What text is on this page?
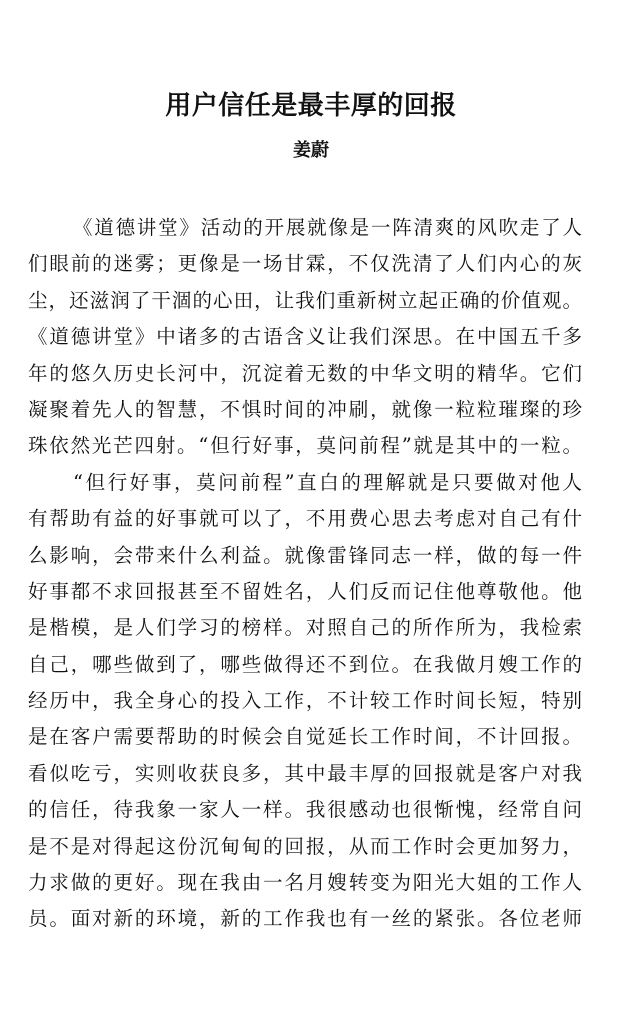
用户信任是最丰厚的回报
姜蔚
《道德讲堂》活动的开展就像是一阵清爽的风吹走了人
们眼前的迷雾；更像是一场甘霖，不仅洗清了人们内心的灰
尘，还滋润了干涸的心田，让我们重新树立起正确的价值观。
《道德讲堂》中诸多的古语含义让我们深思。在中国五千多
年的悠久历史长河中，沉淀着无数的中华文明的精华。它们
凝聚着先人的智慧，不惧时间的冲刷，就像一粒粒璀璨的珍
珠依然光芒四射。“但行好事，莫问前程”就是其中的一粒。
“但行好事，莫问前程”直白的理解就是只要做对他人
有帮助有益的好事就可以了，不用费心思去考虑对自己有什
么影响，会带来什么利益。就像雷锋同志一样，做的每一件
好事都不求回报甚至不留姓名，人们反而记住他尊敬他。他
是楷模，是人们学习的榜样。对照自己的所作所为，我检索
自己，哪些做到了，哪些做得还不到位。在我做月嫂工作的
经历中，我全身心的投入工作，不计较工作时间长短，特别
是在客户需要帮助的时候会自觉延长工作时间，不计回报。
看似吃亏，实则收获良多，其中最丰厚的回报就是客户对我
的信任，待我象一家人一样。我很感动也很惭愧，经常自问
是不是对得起这份沉甸甸的回报，从而工作时会更加努力，
力求做的更好。现在我由一名月嫂转变为阳光大姐的工作人
员。面对新的环境，新的工作我也有一丝的紧张。各位老师
